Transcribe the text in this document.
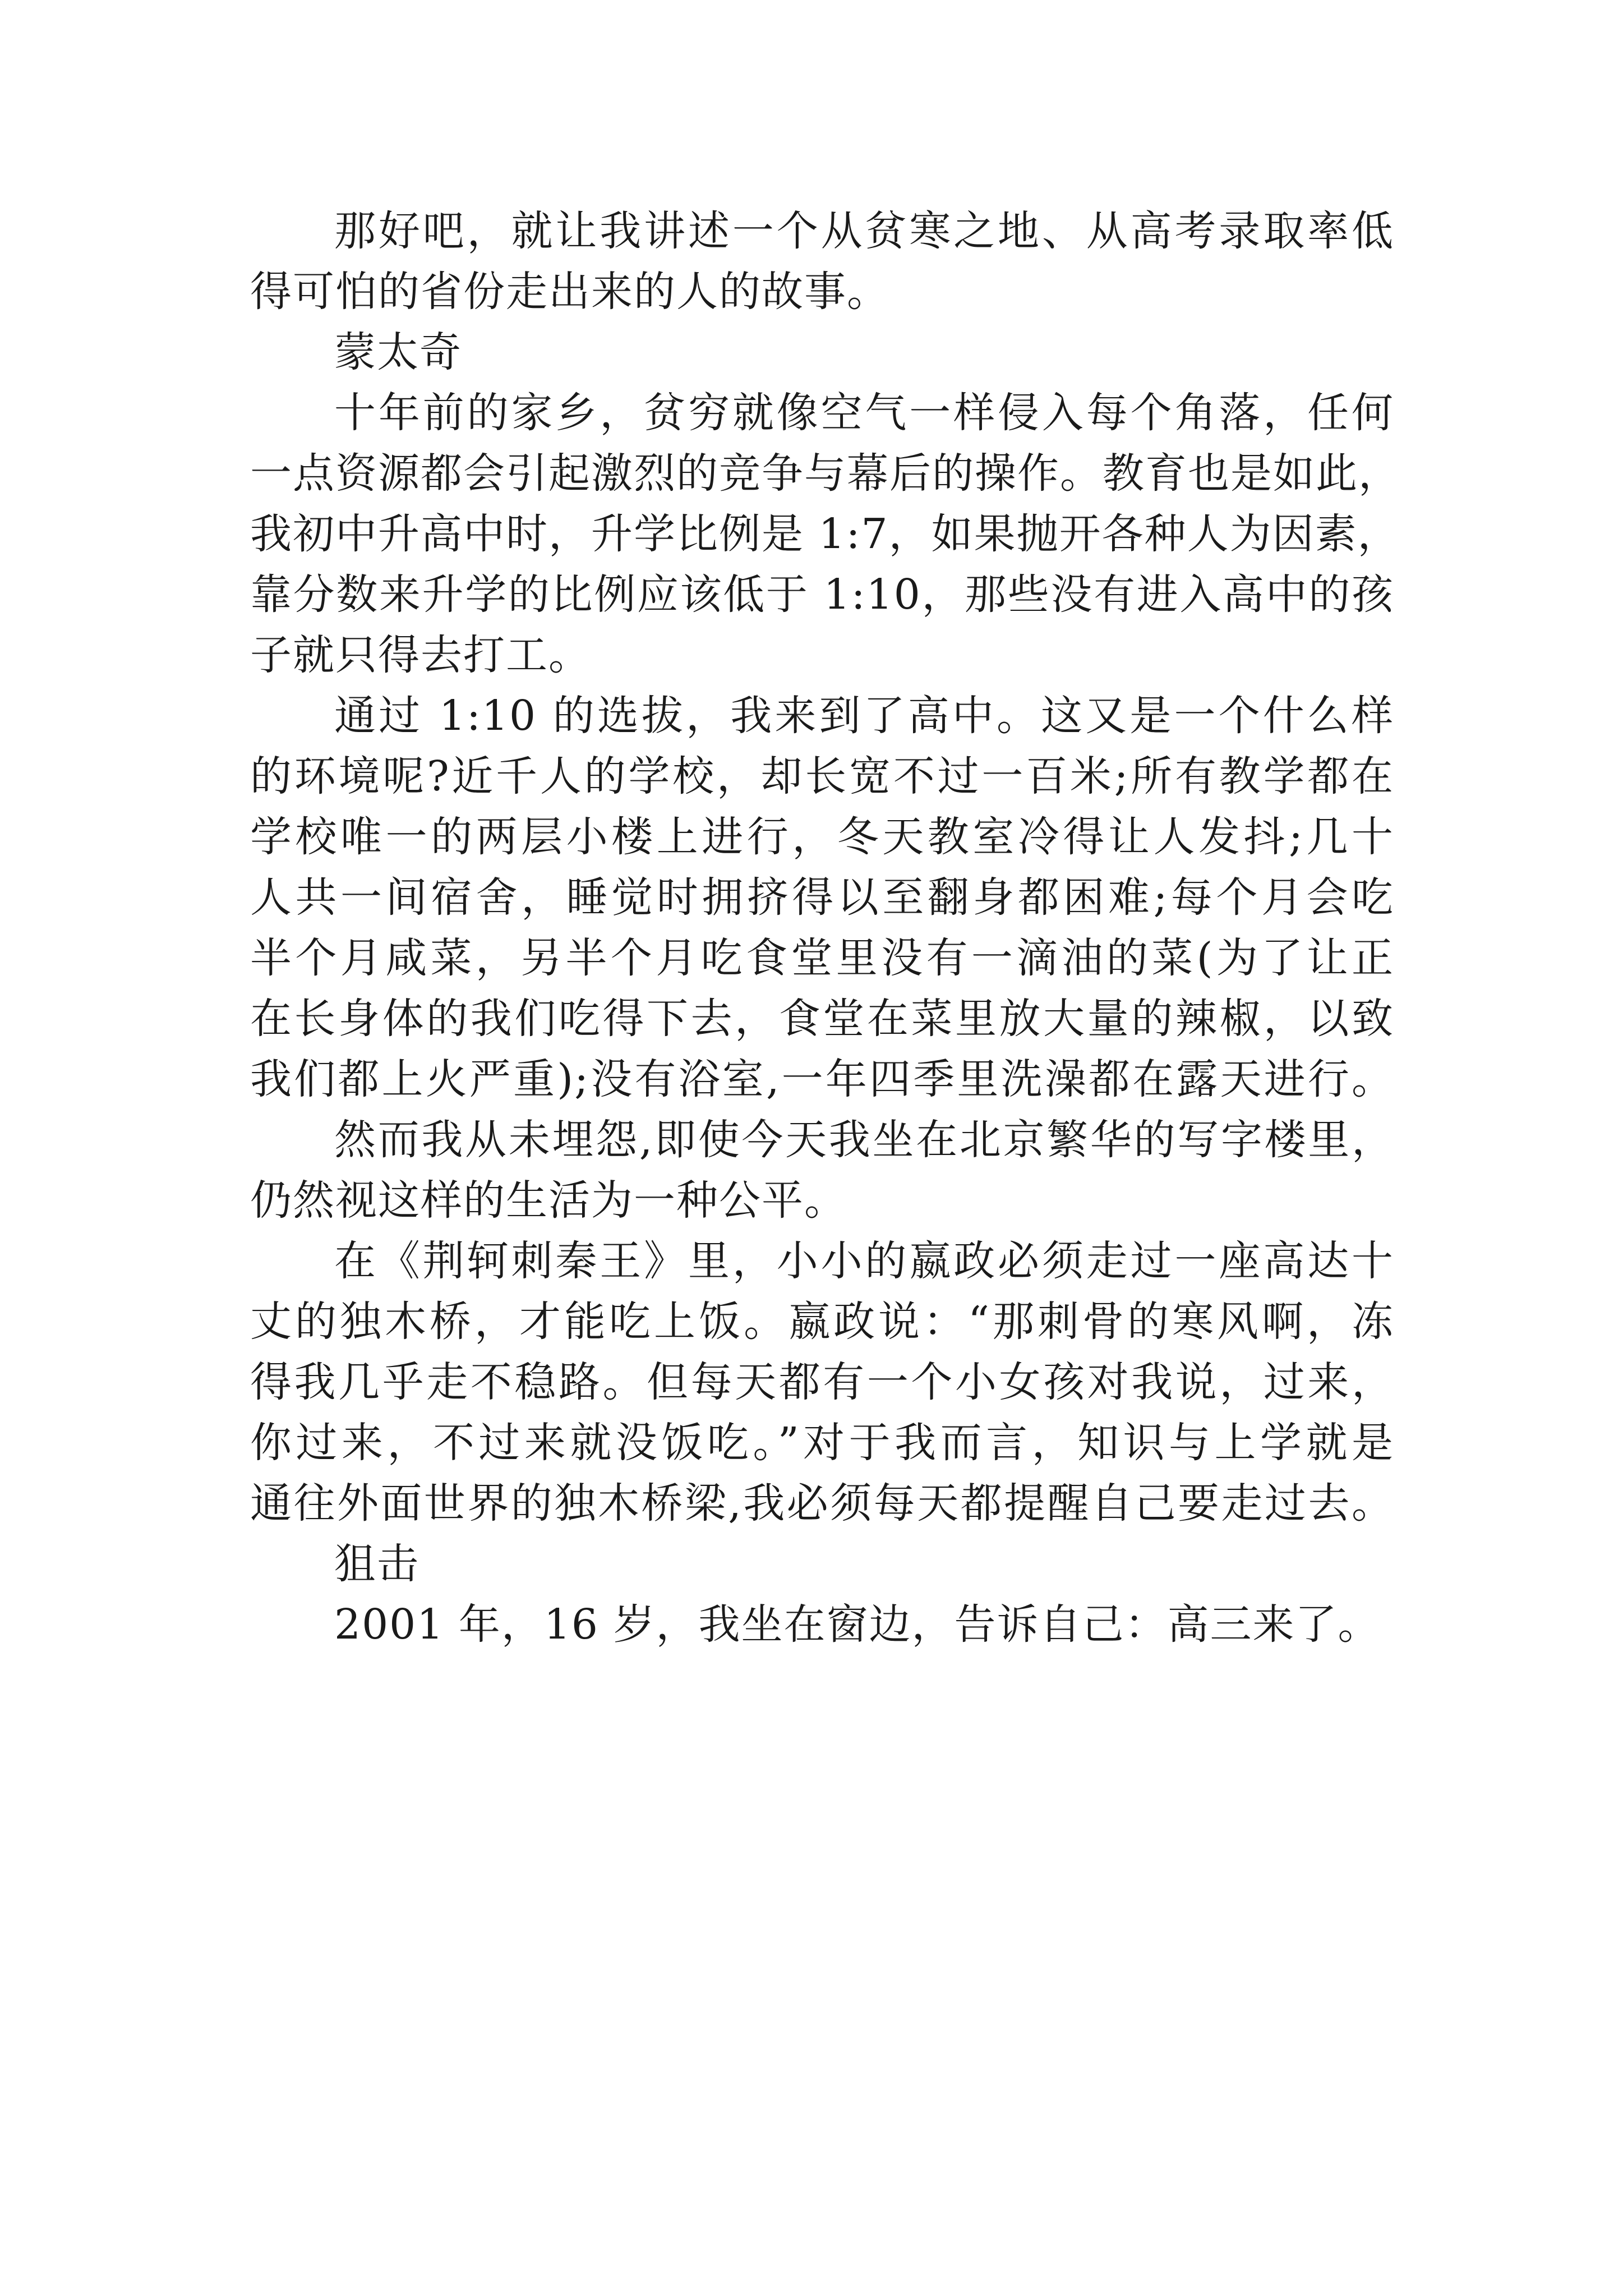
那好吧，就让我讲述一个从贫寒之地、从高考录取率低
得可怕的省份走出来的人的故事。
蒙太奇
十年前的家乡，贫穷就像空气一样侵入每个角落，任何
一点资源都会引起激烈的竞争与幕后的操作。教育也是如此，
我初中升高中时，升学比例是 1:7，如果抛开各种人为因素，
靠分数来升学的比例应该低于 1:10，那些没有进入高中的孩
子就只得去打工。
通过 1:10 的选拔，我来到了高中。这又是一个什么样
的环境呢?近千人的学校，却长宽不过一百米;所有教学都在
学校唯一的两层小楼上进行，冬天教室冷得让人发抖;几十
人共一间宿舍，睡觉时拥挤得以至翻身都困难;每个月会吃
半个月咸菜，另半个月吃食堂里没有一滴油的菜(为了让正
在长身体的我们吃得下去，食堂在菜里放大量的辣椒，以致
我们都上火严重);没有浴室,一年四季里洗澡都在露天进行。
然而我从未埋怨,即使今天我坐在北京繁华的写字楼里，
仍然视这样的生活为一种公平。
在《荆轲刺秦王》里，小小的嬴政必须走过一座高达十
丈的独木桥，才能吃上饭。嬴政说：“那刺骨的寒风啊，冻
得我几乎走不稳路。但每天都有一个小女孩对我说，过来，
你过来，不过来就没饭吃。”对于我而言，知识与上学就是
通往外面世界的独木桥梁,我必须每天都提醒自己要走过去。
狙击
2001 年，16 岁，我坐在窗边，告诉自己：高三来了。
